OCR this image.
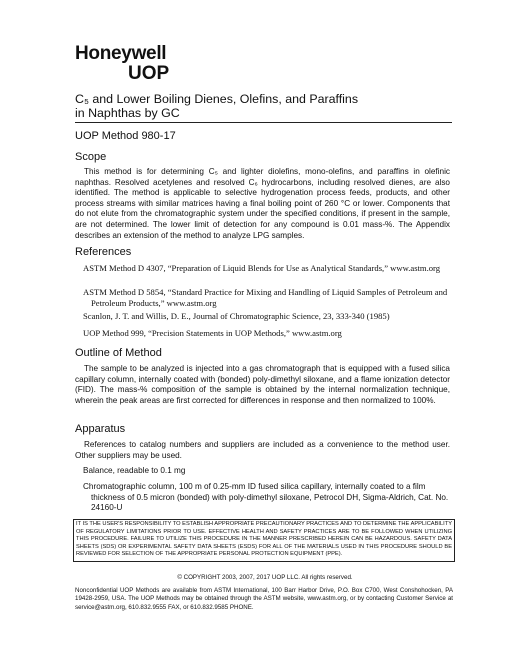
Honeywell
UOP
C₅ and Lower Boiling Dienes, Olefins, and Paraffins
in Naphthas by GC
UOP Method 980-17
Scope
This method is for determining C₅ and lighter diolefins, mono-olefins, and paraffins in olefinic naphthas. Resolved acetylenes and resolved C₆ hydrocarbons, including resolved dienes, are also identified. The method is applicable to selective hydrogenation process feeds, products, and other process streams with similar matrices having a final boiling point of 260 °C or lower. Components that do not elute from the chromatographic system under the specified conditions, if present in the sample, are not determined. The lower limit of detection for any compound is 0.01 mass-%. The Appendix describes an extension of the method to analyze LPG samples.
References
ASTM Method D 4307, “Preparation of Liquid Blends for Use as Analytical Standards,” www.astm.org
ASTM Method D 5854, “Standard Practice for Mixing and Handling of Liquid Samples of Petroleum and Petroleum Products,” www.astm.org
Scanlon, J. T. and Willis, D. E., Journal of Chromatographic Science, 23, 333-340 (1985)
UOP Method 999, “Precision Statements in UOP Methods,” www.astm.org
Outline of Method
The sample to be analyzed is injected into a gas chromatograph that is equipped with a fused silica capillary column, internally coated with (bonded) poly-dimethyl siloxane, and a flame ionization detector (FID). The mass-% composition of the sample is obtained by the internal normalization technique, wherein the peak areas are first corrected for differences in response and then normalized to 100%.
Apparatus
References to catalog numbers and suppliers are included as a convenience to the method user. Other suppliers may be used.
Balance, readable to 0.1 mg
Chromatographic column, 100 m of 0.25-mm ID fused silica capillary, internally coated to a film thickness of 0.5 micron (bonded) with poly-dimethyl siloxane, Petrocol DH, Sigma-Aldrich, Cat. No. 24160-U
IT IS THE USER'S RESPONSIBILITY TO ESTABLISH APPROPRIATE PRECAUTIONARY PRACTICES AND TO DETERMINE THE APPLICABILITY OF REGULATORY LIMITATIONS PRIOR TO USE. EFFECTIVE HEALTH AND SAFETY PRACTICES ARE TO BE FOLLOWED WHEN UTILIZING THIS PROCEDURE. FAILURE TO UTILIZE THIS PROCEDURE IN THE MANNER PRESCRIBED HEREIN CAN BE HAZARDOUS. SAFETY DATA SHEETS (SDS) OR EXPERIMENTAL SAFETY DATA SHEETS (ESDS) FOR ALL OF THE MATERIALS USED IN THIS PROCEDURE SHOULD BE REVIEWED FOR SELECTION OF THE APPROPRIATE PERSONAL PROTECTION EQUIPMENT (PPE).
© COPYRIGHT 2003, 2007, 2017 UOP LLC. All rights reserved.
Nonconfidential UOP Methods are available from ASTM International, 100 Barr Harbor Drive, P.O. Box C700, West Conshohocken, PA 19428-2959, USA. The UOP Methods may be obtained through the ASTM website, www.astm.org, or by contacting Customer Service at service@astm.org, 610.832.9555 FAX, or 610.832.9585 PHONE.
